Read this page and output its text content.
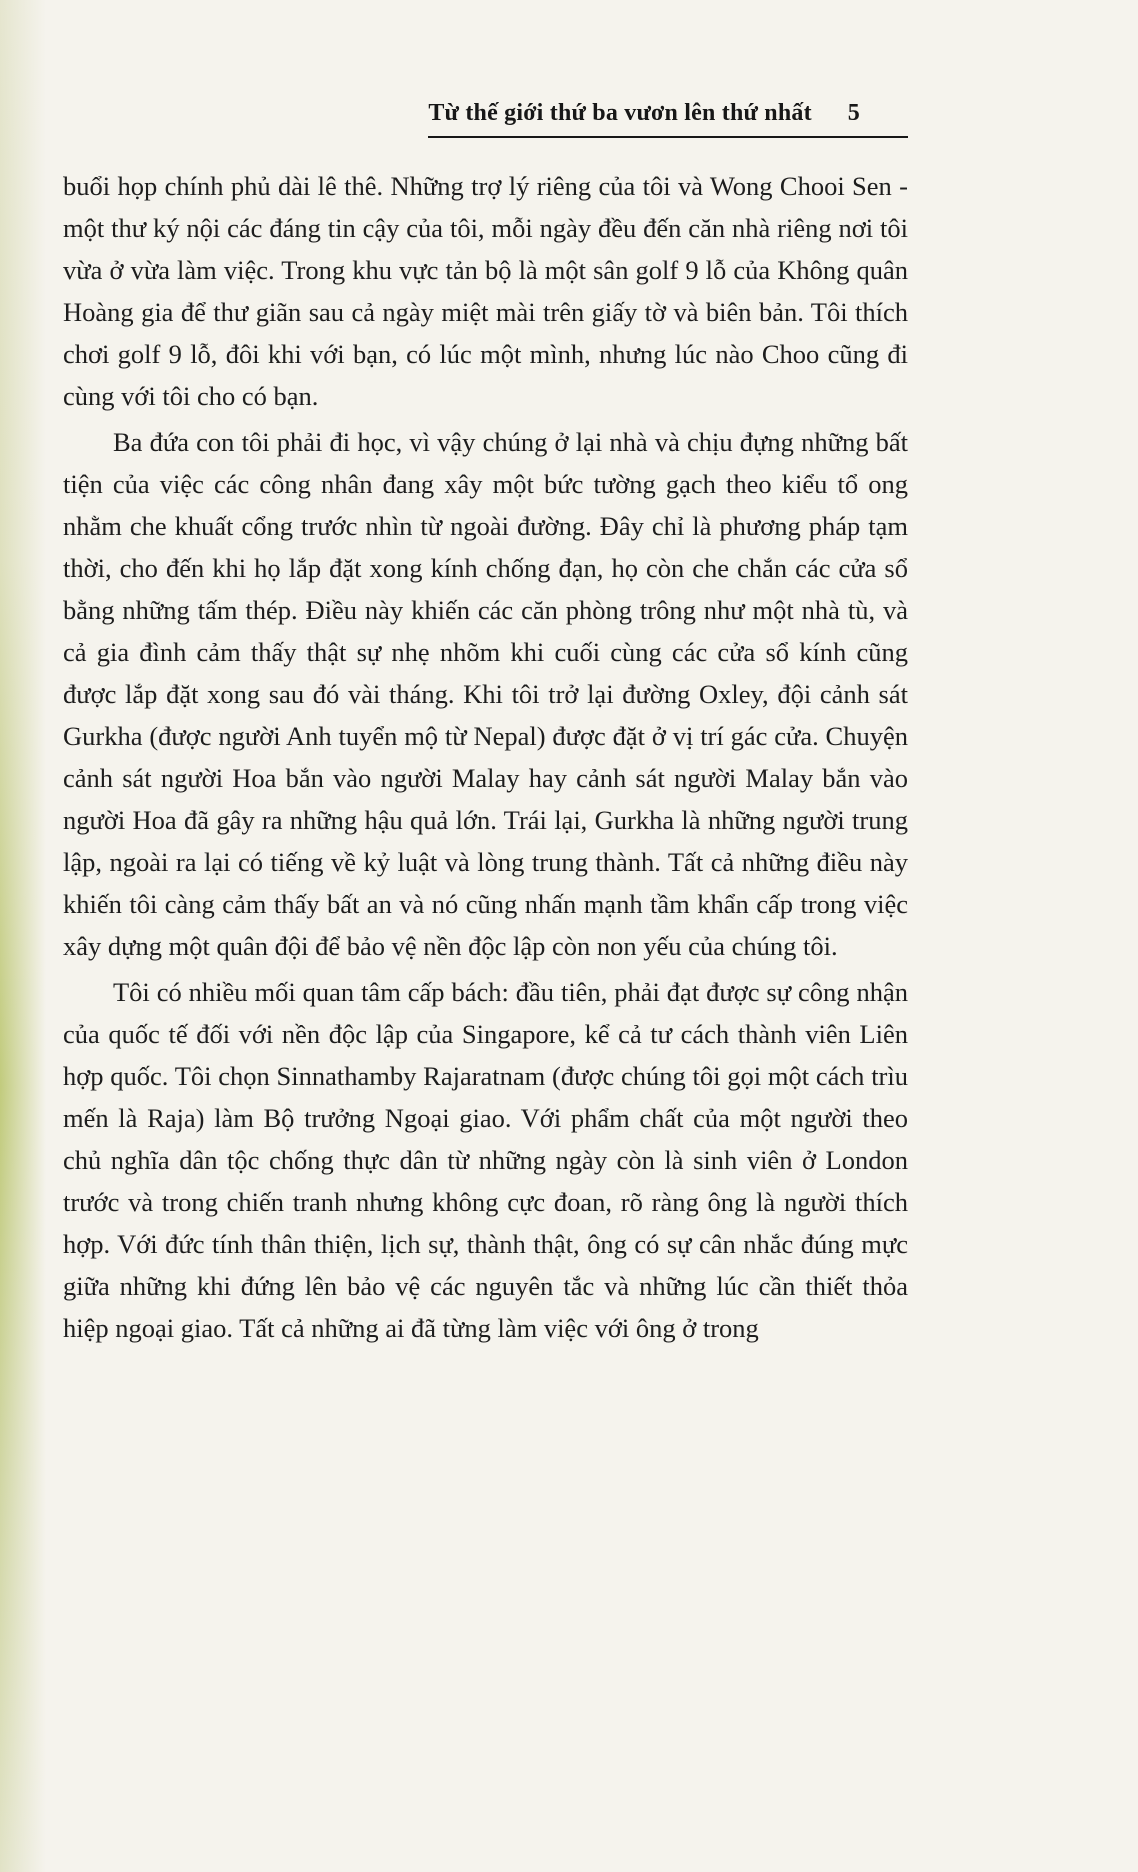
Từ thế giới thứ ba vươn lên thứ nhất 5

buổi họp chính phủ dài lê thê. Những trợ lý riêng của tôi và Wong Chooi Sen - một thư ký nội các đáng tin cậy của tôi, mỗi ngày đều đến căn nhà riêng nơi tôi vừa ở vừa làm việc. Trong khu vực tản bộ là một sân golf 9 lỗ của Không quân Hoàng gia để thư giãn sau cả ngày miệt mài trên giấy tờ và biên bản. Tôi thích chơi golf 9 lỗ, đôi khi với bạn, có lúc một mình, nhưng lúc nào Choo cũng đi cùng với tôi cho có bạn.

Ba đứa con tôi phải đi học, vì vậy chúng ở lại nhà và chịu đựng những bất tiện của việc các công nhân đang xây một bức tường gạch theo kiểu tổ ong nhằm che khuất cổng trước nhìn từ ngoài đường. Đây chỉ là phương pháp tạm thời, cho đến khi họ lắp đặt xong kính chống đạn, họ còn che chắn các cửa sổ bằng những tấm thép. Điều này khiến các căn phòng trông như một nhà tù, và cả gia đình cảm thấy thật sự nhẹ nhõm khi cuối cùng các cửa sổ kính cũng được lắp đặt xong sau đó vài tháng. Khi tôi trở lại đường Oxley, đội cảnh sát Gurkha (được người Anh tuyển mộ từ Nepal) được đặt ở vị trí gác cửa. Chuyện cảnh sát người Hoa bắn vào người Malay hay cảnh sát người Malay bắn vào người Hoa đã gây ra những hậu quả lớn. Trái lại, Gurkha là những người trung lập, ngoài ra lại có tiếng về kỷ luật và lòng trung thành. Tất cả những điều này khiến tôi càng cảm thấy bất an và nó cũng nhấn mạnh tầm khẩn cấp trong việc xây dựng một quân đội để bảo vệ nền độc lập còn non yếu của chúng tôi.

Tôi có nhiều mối quan tâm cấp bách: đầu tiên, phải đạt được sự công nhận của quốc tế đối với nền độc lập của Singapore, kể cả tư cách thành viên Liên hợp quốc. Tôi chọn Sinnathamby Rajaratnam (được chúng tôi gọi một cách trìu mến là Raja) làm Bộ trưởng Ngoại giao. Với phẩm chất của một người theo chủ nghĩa dân tộc chống thực dân từ những ngày còn là sinh viên ở London trước và trong chiến tranh nhưng không cực đoan, rõ ràng ông là người thích hợp. Với đức tính thân thiện, lịch sự, thành thật, ông có sự cân nhắc đúng mực giữa những khi đứng lên bảo vệ các nguyên tắc và những lúc cần thiết thỏa hiệp ngoại giao. Tất cả những ai đã từng làm việc với ông ở trong
